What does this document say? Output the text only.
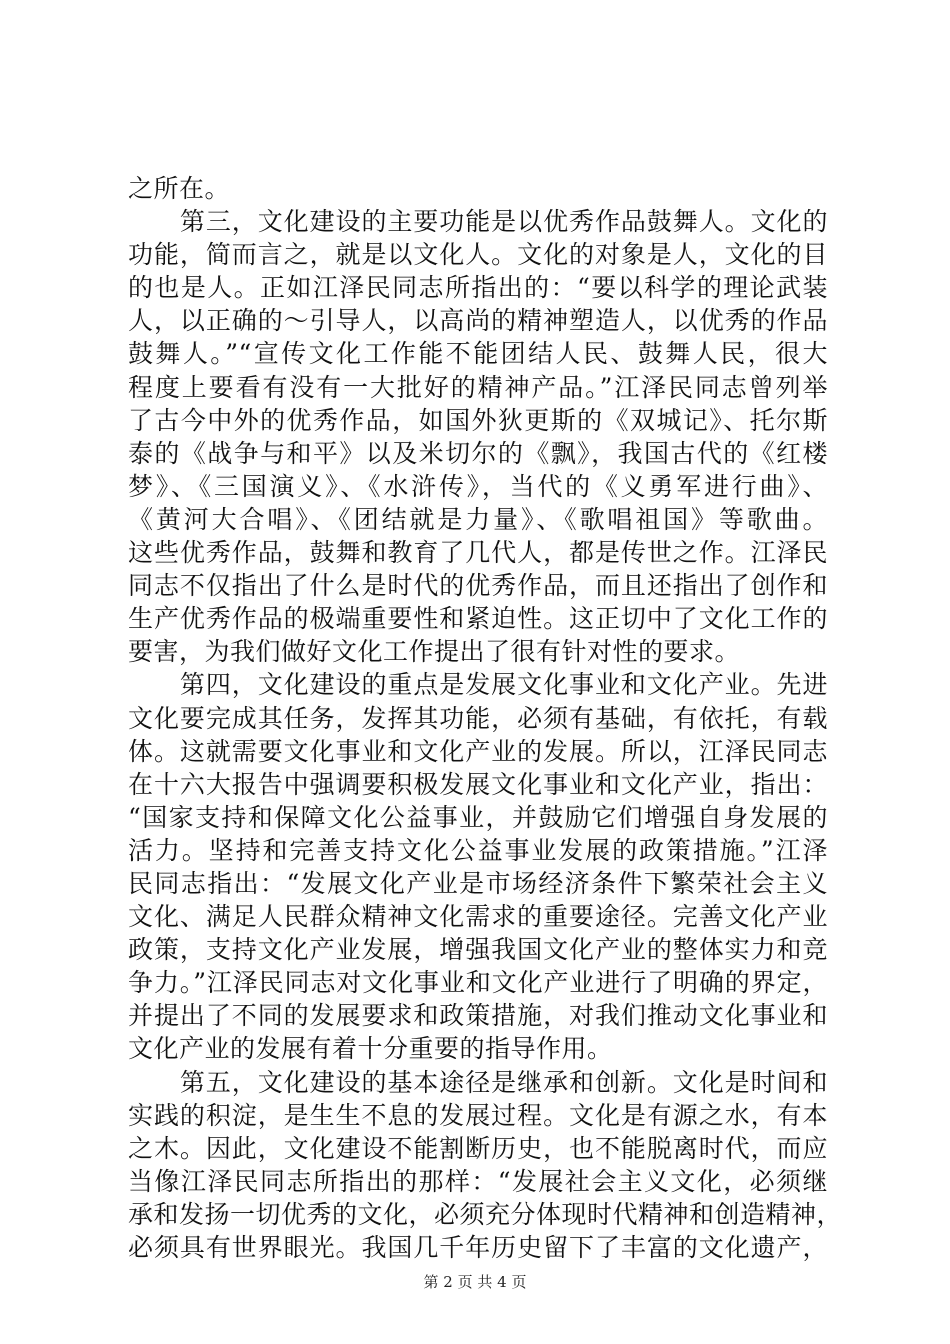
之所在。
　　第三，文化建设的主要功能是以优秀作品鼓舞人。文化的
功能，简而言之，就是以文化人。文化的对象是人，文化的目
的也是人。正如江泽民同志所指出的：“要以科学的理论武装
人，以正确的～引导人，以高尚的精神塑造人，以优秀的作品
鼓舞人。”“宣传文化工作能不能团结人民、鼓舞人民，很大
程度上要看有没有一大批好的精神产品。”江泽民同志曾列举
了古今中外的优秀作品，如国外狄更斯的《双城记》、托尔斯
泰的《战争与和平》以及米切尔的《飘》，我国古代的《红楼
梦》、《三国演义》、《水浒传》，当代的《义勇军进行曲》、
《黄河大合唱》、《团结就是力量》、《歌唱祖国》等歌曲。
这些优秀作品，鼓舞和教育了几代人，都是传世之作。江泽民
同志不仅指出了什么是时代的优秀作品，而且还指出了创作和
生产优秀作品的极端重要性和紧迫性。这正切中了文化工作的
要害，为我们做好文化工作提出了很有针对性的要求。
　　第四，文化建设的重点是发展文化事业和文化产业。先进
文化要完成其任务，发挥其功能，必须有基础，有依托，有载
体。这就需要文化事业和文化产业的发展。所以，江泽民同志
在十六大报告中强调要积极发展文化事业和文化产业，指出：
“国家支持和保障文化公益事业，并鼓励它们增强自身发展的
活力。坚持和完善支持文化公益事业发展的政策措施。”江泽
民同志指出：“发展文化产业是市场经济条件下繁荣社会主义
文化、满足人民群众精神文化需求的重要途径。完善文化产业
政策，支持文化产业发展，增强我国文化产业的整体实力和竞
争力。”江泽民同志对文化事业和文化产业进行了明确的界定，
并提出了不同的发展要求和政策措施，对我们推动文化事业和
文化产业的发展有着十分重要的指导作用。
　　第五，文化建设的基本途径是继承和创新。文化是时间和
实践的积淀，是生生不息的发展过程。文化是有源之水，有本
之木。因此，文化建设不能割断历史，也不能脱离时代，而应
当像江泽民同志所指出的那样：“发展社会主义文化，必须继
承和发扬一切优秀的文化，必须充分体现时代精神和创造精神，
必须具有世界眼光。我国几千年历史留下了丰富的文化遗产，
第 2 页 共 4 页
